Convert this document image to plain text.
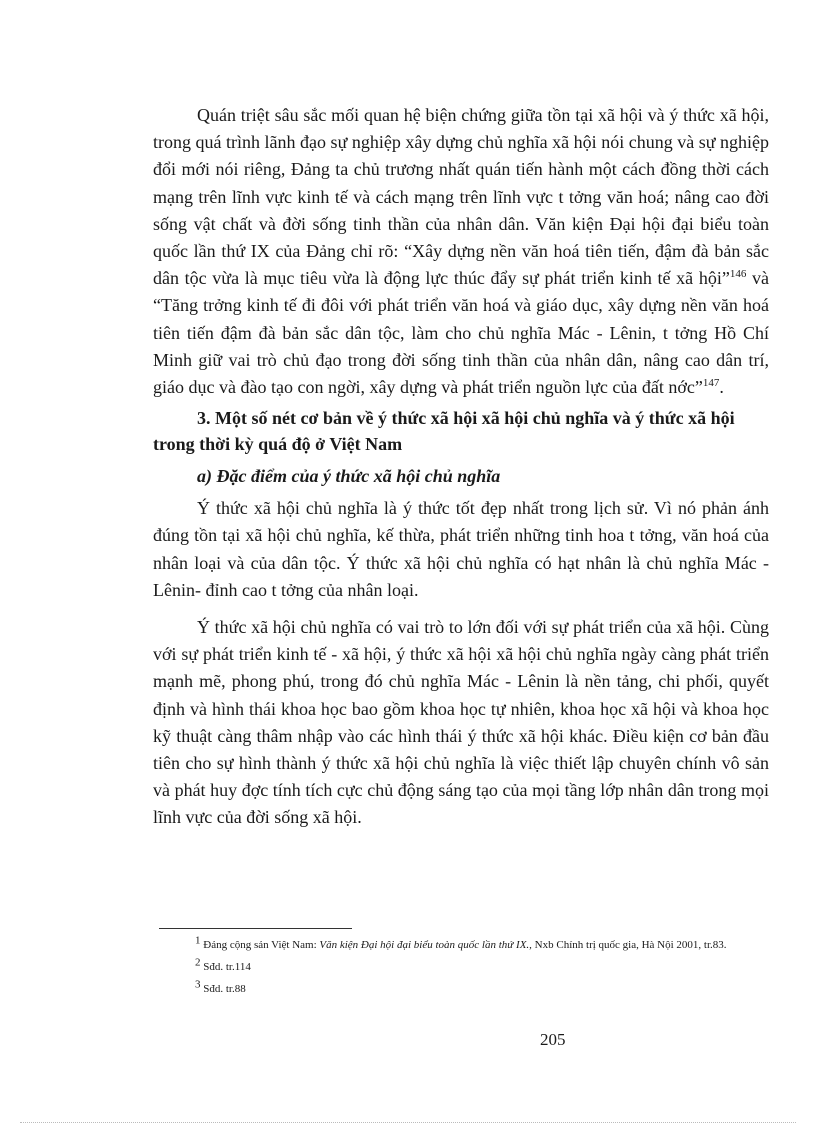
Quán triệt sâu sắc mối quan hệ biện chứng giữa tồn tại xã hội và ý thức xã hội, trong quá trình lãnh đạo sự nghiệp xây dựng chủ nghĩa xã hội nói chung và sự nghiệp đổi mới nói riêng, Đảng ta chủ trương nhất quán tiến hành một cách đồng thời cách mạng trên lĩnh vực kinh tế và cách mạng trên lĩnh vực t tởng văn hoá; nâng cao đời sống vật chất và đời sống tinh thần của nhân dân. Văn kiện Đại hội đại biểu toàn quốc lần thứ IX của Đảng chỉ rõ: “Xây dựng nền văn hoá tiên tiến, đậm đà bản sắc dân tộc vừa là mục tiêu vừa là động lực thúc đẩy sự phát triển kinh tế xã hội”$^{146}$ và “Tăng trởng kinh tế đi đôi với phát triển văn hoá và giáo dục, xây dựng nền văn hoá tiên tiến đậm đà bản sắc dân tộc, làm cho chủ nghĩa Mác - Lênin, t tởng Hồ Chí Minh giữ vai trò chủ đạo trong đời sống tinh thần của nhân dân, nâng cao dân trí, giáo dục và đào tạo con ngời, xây dựng và phát triển nguồn lực của đất nớc”$^{147}$.

3. Một số nét cơ bản về ý thức xã hội xã hội chủ nghĩa và ý thức xã hội trong thời kỳ quá độ ở Việt Nam

a) Đặc điểm của ý thức xã hội chủ nghĩa

Ý thức xã hội chủ nghĩa là ý thức tốt đẹp nhất trong lịch sử. Vì nó phản ánh đúng tồn tại xã hội chủ nghĩa, kế thừa, phát triển những tinh hoa t tởng, văn hoá của nhân loại và của dân tộc. Ý thức xã hội chủ nghĩa có hạt nhân là chủ nghĩa Mác - Lênin- đỉnh cao t tởng của nhân loại.

Ý thức xã hội chủ nghĩa có vai trò to lớn đối với sự phát triển của xã hội. Cùng với sự phát triển kinh tế - xã hội, ý thức xã hội xã hội chủ nghĩa ngày càng phát triển mạnh mẽ, phong phú, trong đó chủ nghĩa Mác - Lênin là nền tảng, chi phối, quyết định và hình thái khoa học bao gồm khoa học tự nhiên, khoa học xã hội và khoa học kỹ thuật càng thâm nhập vào các hình thái ý thức xã hội khác. Điều kiện cơ bản đầu tiên cho sự hình thành ý thức xã hội chủ nghĩa là việc thiết lập chuyên chính vô sản và phát huy đợc tính tích cực chủ động sáng tạo của mọi tầng lớp nhân dân trong mọi lĩnh vực của đời sống xã hội.

$^1$ Đảng cộng sản Việt Nam: Văn kiện Đại hội đại biểu toàn quốc lần thứ IX., Nxb Chính trị quốc gia, Hà Nội 2001, tr.83.

$^2$ Sđd. tr.114

$^3$ Sđd. tr.88

205
